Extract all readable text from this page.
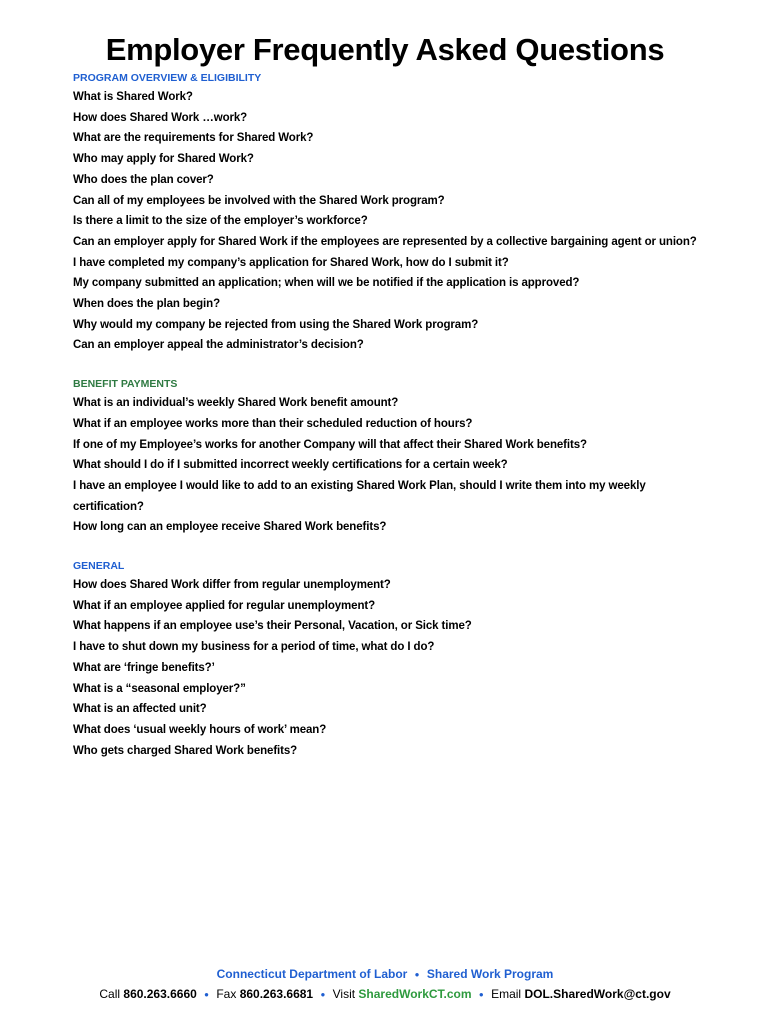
Employer Frequently Asked Questions
PROGRAM OVERVIEW & ELIGIBILITY
What is Shared Work?
How does Shared Work …work?
What are the requirements for Shared Work?
Who may apply for Shared Work?
Who does the plan cover?
Can all of my employees be involved with the Shared Work program?
Is there a limit to the size of the employer’s workforce?
Can an employer apply for Shared Work if the employees are represented by a collective bargaining agent or union?
I have completed my company’s application for Shared Work, how do I submit it?
My company submitted an application; when will we be notified if the application is approved?
When does the plan begin?
Why would my company be rejected from using the Shared Work program?
Can an employer appeal the administrator’s decision?
BENEFIT PAYMENTS
What is an individual’s weekly Shared Work benefit amount?
What if an employee works more than their scheduled reduction of hours?
If one of my Employee’s works for another Company will that affect their Shared Work benefits?
What should I do if I submitted incorrect weekly certifications for a certain week?
I have an employee I would like to add to an existing Shared Work Plan, should I write them into my weekly certification?
How long can an employee receive Shared Work benefits?
GENERAL
How does Shared Work differ from regular unemployment?
What if an employee applied for regular unemployment?
What happens if an employee use’s their Personal, Vacation, or Sick time?
I have to shut down my business for a period of time, what do I do?
What are ‘fringe benefits?’
What is a “seasonal employer?”
What is an affected unit?
What does ‘usual weekly hours of work’ mean?
Who gets charged Shared Work benefits?
Connecticut Department of Labor ● Shared Work Program
Call 860.263.6660 ● Fax 860.263.6681 ● Visit SharedWorkCT.com ● Email DOL.SharedWork@ct.gov
